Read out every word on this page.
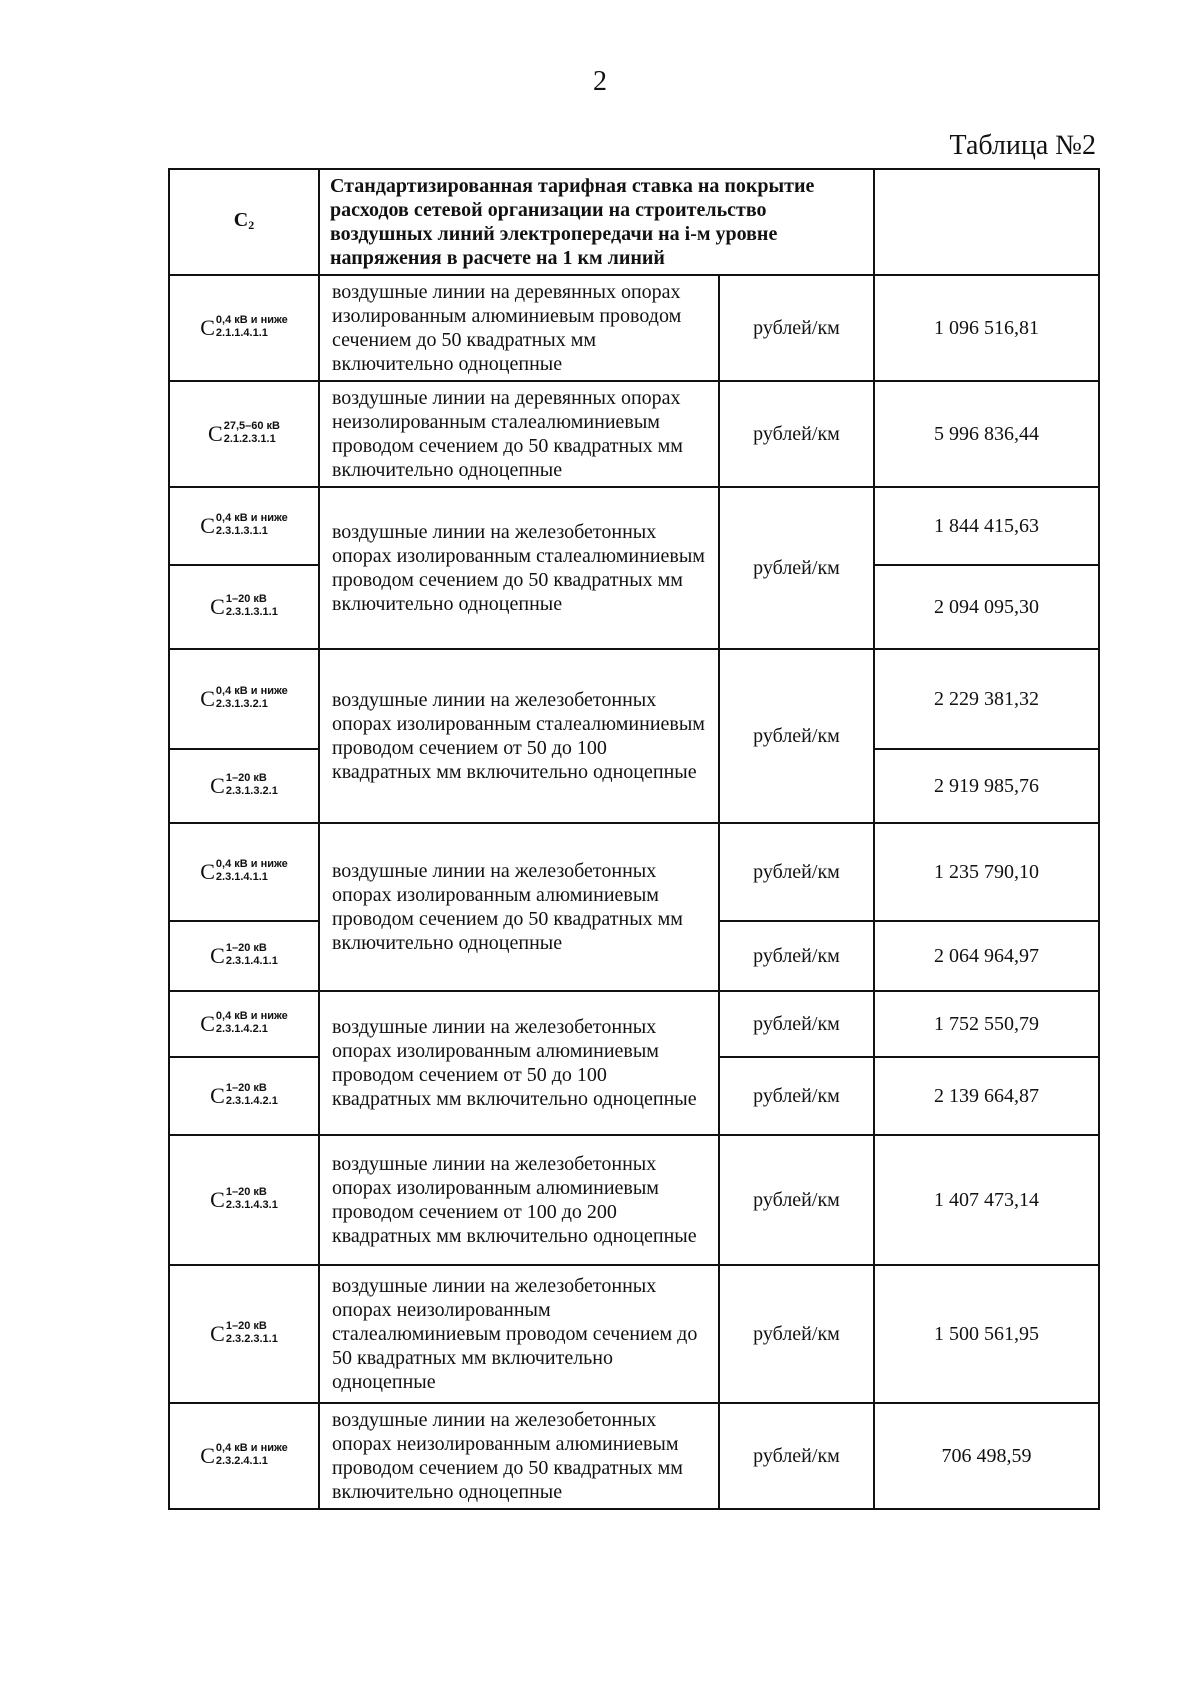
2
Таблица №2
C2	Стандартизированная тарифная ставка на покрытие расходов сетевой организации на строительство воздушных линий электропередачи на i-м уровне напряжения в расчете на 1 км линий		

C 0,4 кВ и ниже
2.1.1.4.1.1	воздушные линии на деревянных опорах изолированным алюминиевым проводом сечением до 50 квадратных мм включительно одноцепные	рублей/км	1 096 516,81

C 27,5–60 кВ
2.1.2.3.1.1	воздушные линии на деревянных опорах неизолированным сталеалюминиевым проводом сечением до 50 квадратных мм включительно одноцепные	рублей/км	5 996 836,44

C 0,4 кВ и ниже
2.3.1.3.1.1	воздушные линии на железобетонных опорах изолированным сталеалюминиевым проводом сечением до 50 квадратных мм включительно одноцепные	рублей/км	1 844 415,63

C 1–20 кВ
2.3.1.3.1.1			2 094 095,30

C 0,4 кВ и ниже
2.3.1.3.2.1	воздушные линии на железобетонных опорах изолированным сталеалюминиевым проводом сечением от 50 до 100 квадратных мм включительно одноцепные	рублей/км	2 229 381,32

C 1–20 кВ
2.3.1.3.2.1			2 919 985,76

C 0,4 кВ и ниже
2.3.1.4.1.1	воздушные линии на железобетонных опорах изолированным алюминиевым проводом сечением до 50 квадратных мм включительно одноцепные	рублей/км	1 235 790,10

C 1–20 кВ
2.3.1.4.1.1		рублей/км	2 064 964,97

C 0,4 кВ и ниже
2.3.1.4.2.1	воздушные линии на железобетонных опорах изолированным алюминиевым проводом сечением от 50 до 100 квадратных мм включительно одноцепные	рублей/км	1 752 550,79

C 1–20 кВ
2.3.1.4.2.1		рублей/км	2 139 664,87

C 1–20 кВ
2.3.1.4.3.1	воздушные линии на железобетонных опорах изолированным алюминиевым проводом сечением от 100 до 200 квадратных мм включительно одноцепные	рублей/км	1 407 473,14

C 1–20 кВ
2.3.2.3.1.1	воздушные линии на железобетонных опорах неизолированным сталеалюминиевым проводом сечением до 50 квадратных мм включительно одноцепные	рублей/км	1 500 561,95

C 0,4 кВ и ниже
2.3.2.4.1.1	воздушные линии на железобетонных опорах неизолированным алюминиевым проводом сечением до 50 квадратных мм включительно одноцепные	рублей/км	706 498,59
